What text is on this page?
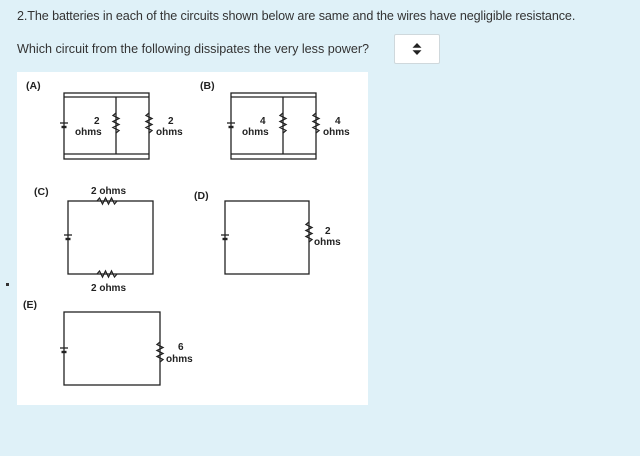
2.The batteries in each of the circuits shown below are same and the wires have negligible resistance.
Which circuit from the following dissipates the very less power?
(A)
2
ohms
2
ohms
(B)
4
ohms
4
ohms
(C)	2 ohms
2 ohms
(D)
2
ohms
(E)
6
ohms
